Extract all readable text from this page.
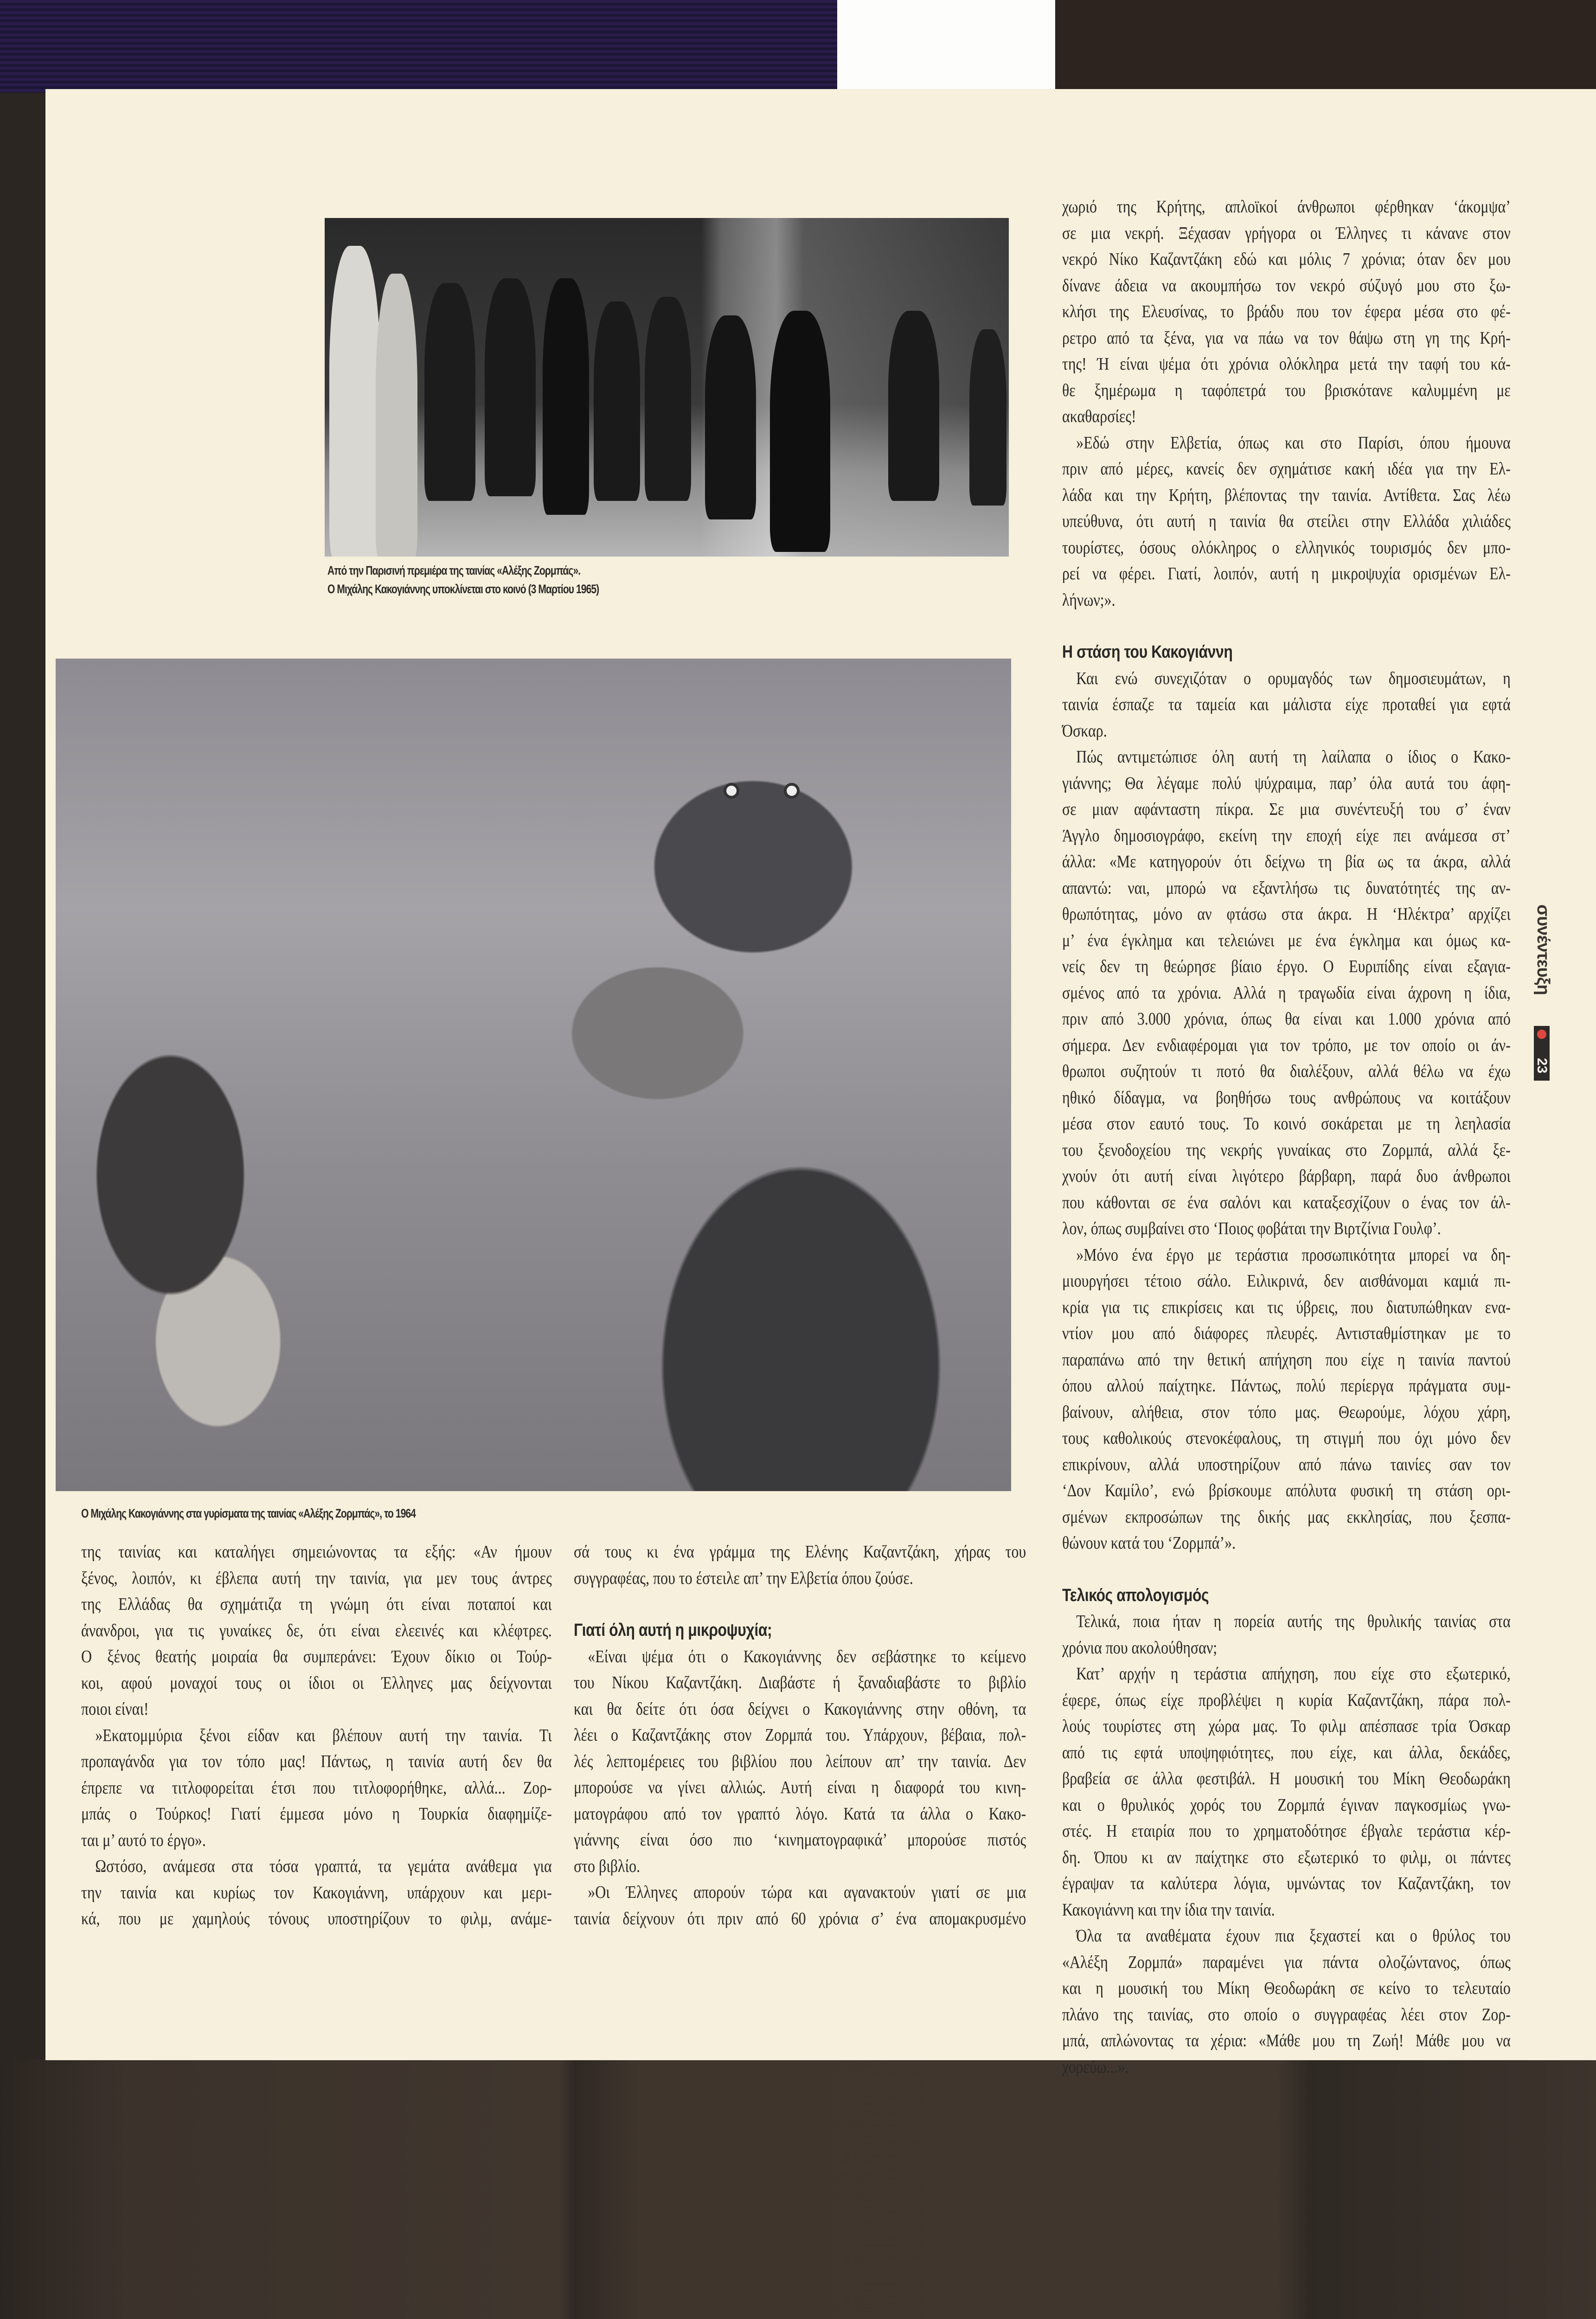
Από την Παρισινή πρεμιέρα της ταινίας «Αλέξης Ζορμπάς».
Ο Μιχάλης Κακογιάννης υποκλίνεται στο κοινό (3 Μαρτίου 1965)
Ο Μιχάλης Κακογιάννης στα γυρίσματα της ταινίας «Αλέξης Ζορμπάς», το 1964
της ταινίας και καταλήγει σημειώνοντας τα εξής: «Αν ήμουν
ξένος, λοιπόν, κι έβλεπα αυτή την ταινία, για μεν τους άντρες
της Ελλάδας θα σχημάτιζα τη γνώμη ότι είναι ποταποί και
άνανδροι, για τις γυναίκες δε, ότι είναι ελεεινές και κλέφτρες.
Ο ξένος θεατής μοιραία θα συμπεράνει: Έχουν δίκιο οι Τούρ-
κοι, αφού μοναχοί τους οι ίδιοι οι Έλληνες μας δείχνονται
ποιοι είναι!
»Εκατομμύρια ξένοι είδαν και βλέπουν αυτή την ταινία. Τι
προπαγάνδα για τον τόπο μας! Πάντως, η ταινία αυτή δεν θα
έπρεπε να τιτλοφορείται έτσι που τιτλοφορήθηκε, αλλά... Ζορ-
μπάς ο Τούρκος! Γιατί έμμεσα μόνο η Τουρκία διαφημίζε-
ται μ’ αυτό το έργο».
Ωστόσο, ανάμεσα στα τόσα γραπτά, τα γεμάτα ανάθεμα για
την ταινία και κυρίως τον Κακογιάννη, υπάρχουν και μερι-
κά, που με χαμηλούς τόνους υποστηρίζουν το φιλμ, ανάμε-
σά τους κι ένα γράμμα της Ελένης Καζαντζάκη, χήρας του
συγγραφέας, που το έστειλε απ’ την Ελβετία όπου ζούσε.
Γιατί όλη αυτή η μικροψυχία;
«Είναι ψέμα ότι ο Κακογιάννης δεν σεβάστηκε το κείμενο
του Νίκου Καζαντζάκη. Διαβάστε ή ξαναδιαβάστε το βιβλίο
και θα δείτε ότι όσα δείχνει ο Κακογιάννης στην οθόνη, τα
λέει ο Καζαντζάκης στον Ζορμπά του. Υπάρχουν, βέβαια, πολ-
λές λεπτομέρειες του βιβλίου που λείπουν απ’ την ταινία. Δεν
μπορούσε να γίνει αλλιώς. Αυτή είναι η διαφορά του κινη-
ματογράφου από τον γραπτό λόγο. Κατά τα άλλα ο Κακο-
γιάννης είναι όσο πιο ‘κινηματογραφικά’ μπορούσε πιστός
στο βιβλίο.
»Οι Έλληνες απορούν τώρα και αγανακτούν γιατί σε μια
ταινία δείχνουν ότι πριν από 60 χρόνια σ’ ένα απομακρυσμένο
χωριό της Κρήτης, απλοϊκοί άνθρωποι φέρθηκαν ‘άκομψα’
σε μια νεκρή. Ξέχασαν γρήγορα οι Έλληνες τι κάνανε στον
νεκρό Νίκο Καζαντζάκη εδώ και μόλις 7 χρόνια; όταν δεν μου
δίνανε άδεια να ακουμπήσω τον νεκρό σύζυγό μου στο ξω-
κλήσι της Ελευσίνας, το βράδυ που τον έφερα μέσα στο φέ-
ρετρο από τα ξένα, για να πάω να τον θάψω στη γη της Κρή-
της! Ή είναι ψέμα ότι χρόνια ολόκληρα μετά την ταφή του κά-
θε ξημέρωμα η ταφόπετρά του βρισκότανε καλυμμένη με
ακαθαρσίες!
»Εδώ στην Ελβετία, όπως και στο Παρίσι, όπου ήμουνα
πριν από μέρες, κανείς δεν σχημάτισε κακή ιδέα για την Ελ-
λάδα και την Κρήτη, βλέποντας την ταινία. Αντίθετα. Σας λέω
υπεύθυνα, ότι αυτή η ταινία θα στείλει στην Ελλάδα χιλιάδες
τουρίστες, όσους ολόκληρος ο ελληνικός τουρισμός δεν μπο-
ρεί να φέρει. Γιατί, λοιπόν, αυτή η μικροψυχία ορισμένων Ελ-
λήνων;».
Η στάση του Κακογιάννη
Και ενώ συνεχιζόταν ο ορυμαγδός των δημοσιευμάτων, η
ταινία έσπαζε τα ταμεία και μάλιστα είχε προταθεί για εφτά
Όσκαρ.
Πώς αντιμετώπισε όλη αυτή τη λαίλαπα ο ίδιος ο Κακο-
γιάννης; Θα λέγαμε πολύ ψύχραιμα, παρ’ όλα αυτά του άφη-
σε μιαν αφάνταστη πίκρα. Σε μια συνέντευξή του σ’ έναν
Άγγλο δημοσιογράφο, εκείνη την εποχή είχε πει ανάμεσα στ’
άλλα: «Με κατηγορούν ότι δείχνω τη βία ως τα άκρα, αλλά
απαντώ: ναι, μπορώ να εξαντλήσω τις δυνατότητές της αν-
θρωπότητας, μόνο αν φτάσω στα άκρα. Η ‘Ηλέκτρα’ αρχίζει
μ’ ένα έγκλημα και τελειώνει με ένα έγκλημα και όμως κα-
νείς δεν τη θεώρησε βίαιο έργο. Ο Ευριπίδης είναι εξαγια-
σμένος από τα χρόνια. Αλλά η τραγωδία είναι άχρονη η ίδια,
πριν από 3.000 χρόνια, όπως θα είναι και 1.000 χρόνια από
σήμερα. Δεν ενδιαφέρομαι για τον τρόπο, με τον οποίο οι άν-
θρωποι συζητούν τι ποτό θα διαλέξουν, αλλά θέλω να έχω
ηθικό δίδαγμα, να βοηθήσω τους ανθρώπους να κοιτάξουν
μέσα στον εαυτό τους. Το κοινό σοκάρεται με τη λεηλασία
του ξενοδοχείου της νεκρής γυναίκας στο Ζορμπά, αλλά ξε-
χνούν ότι αυτή είναι λιγότερο βάρβαρη, παρά δυο άνθρωποι
που κάθονται σε ένα σαλόνι και καταξεσχίζουν ο ένας τον άλ-
λον, όπως συμβαίνει στο ‘Ποιος φοβάται την Βιρτζίνια Γουλφ’.
»Μόνο ένα έργο με τεράστια προσωπικότητα μπορεί να δη-
μιουργήσει τέτοιο σάλο. Ειλικρινά, δεν αισθάνομαι καμιά πι-
κρία για τις επικρίσεις και τις ύβρεις, που διατυπώθηκαν ενα-
ντίον μου από διάφορες πλευρές. Αντισταθμίστηκαν με το
παραπάνω από την θετική απήχηση που είχε η ταινία παντού
όπου αλλού παίχτηκε. Πάντως, πολύ περίεργα πράγματα συμ-
βαίνουν, αλήθεια, στον τόπο μας. Θεωρούμε, λόχου χάρη,
τους καθολικούς στενοκέφαλους, τη στιγμή που όχι μόνο δεν
επικρίνουν, αλλά υποστηρίζουν από πάνω ταινίες σαν τον
‘Δον Καμίλο’, ενώ βρίσκουμε απόλυτα φυσική τη στάση ορι-
σμένων εκπροσώπων της δικής μας εκκλησίας, που ξεσπα-
θώνουν κατά του ‘Ζορμπά’».
Τελικός απολογισμός
Τελικά, ποια ήταν η πορεία αυτής της θρυλικής ταινίας στα
χρόνια που ακολούθησαν;
Κατ’ αρχήν η τεράστια απήχηση, που είχε στο εξωτερικό,
έφερε, όπως είχε προβλέψει η κυρία Καζαντζάκη, πάρα πολ-
λούς τουρίστες στη χώρα μας. Το φιλμ απέσπασε τρία Όσκαρ
από τις εφτά υποψηφιότητες, που είχε, και άλλα, δεκάδες,
βραβεία σε άλλα φεστιβάλ. Η μουσική του Μίκη Θεοδωράκη
και ο θρυλικός χορός του Ζορμπά έγιναν παγκοσμίως γνω-
στές. Η εταιρία που το χρηματοδότησε έβγαλε τεράστια κέρ-
δη. Όπου κι αν παίχτηκε στο εξωτερικό το φιλμ, οι πάντες
έγραψαν τα καλύτερα λόγια, υμνώντας τον Καζαντζάκη, τον
Κακογιάννη και την ίδια την ταινία.
Όλα τα αναθέματα έχουν πια ξεχαστεί και ο θρύλος του
«Αλέξη Ζορμπά» παραμένει για πάντα ολοζώντανος, όπως
και η μουσική του Μίκη Θεοδωράκη σε κείνο το τελευταίο
πλάνο της ταινίας, στο οποίο ο συγγραφέας λέει στον Ζορ-
μπά, απλώνοντας τα χέρια: «Μάθε μου τη Ζωή! Μάθε μου να
χορεύω...».
συνέντευξη
23
